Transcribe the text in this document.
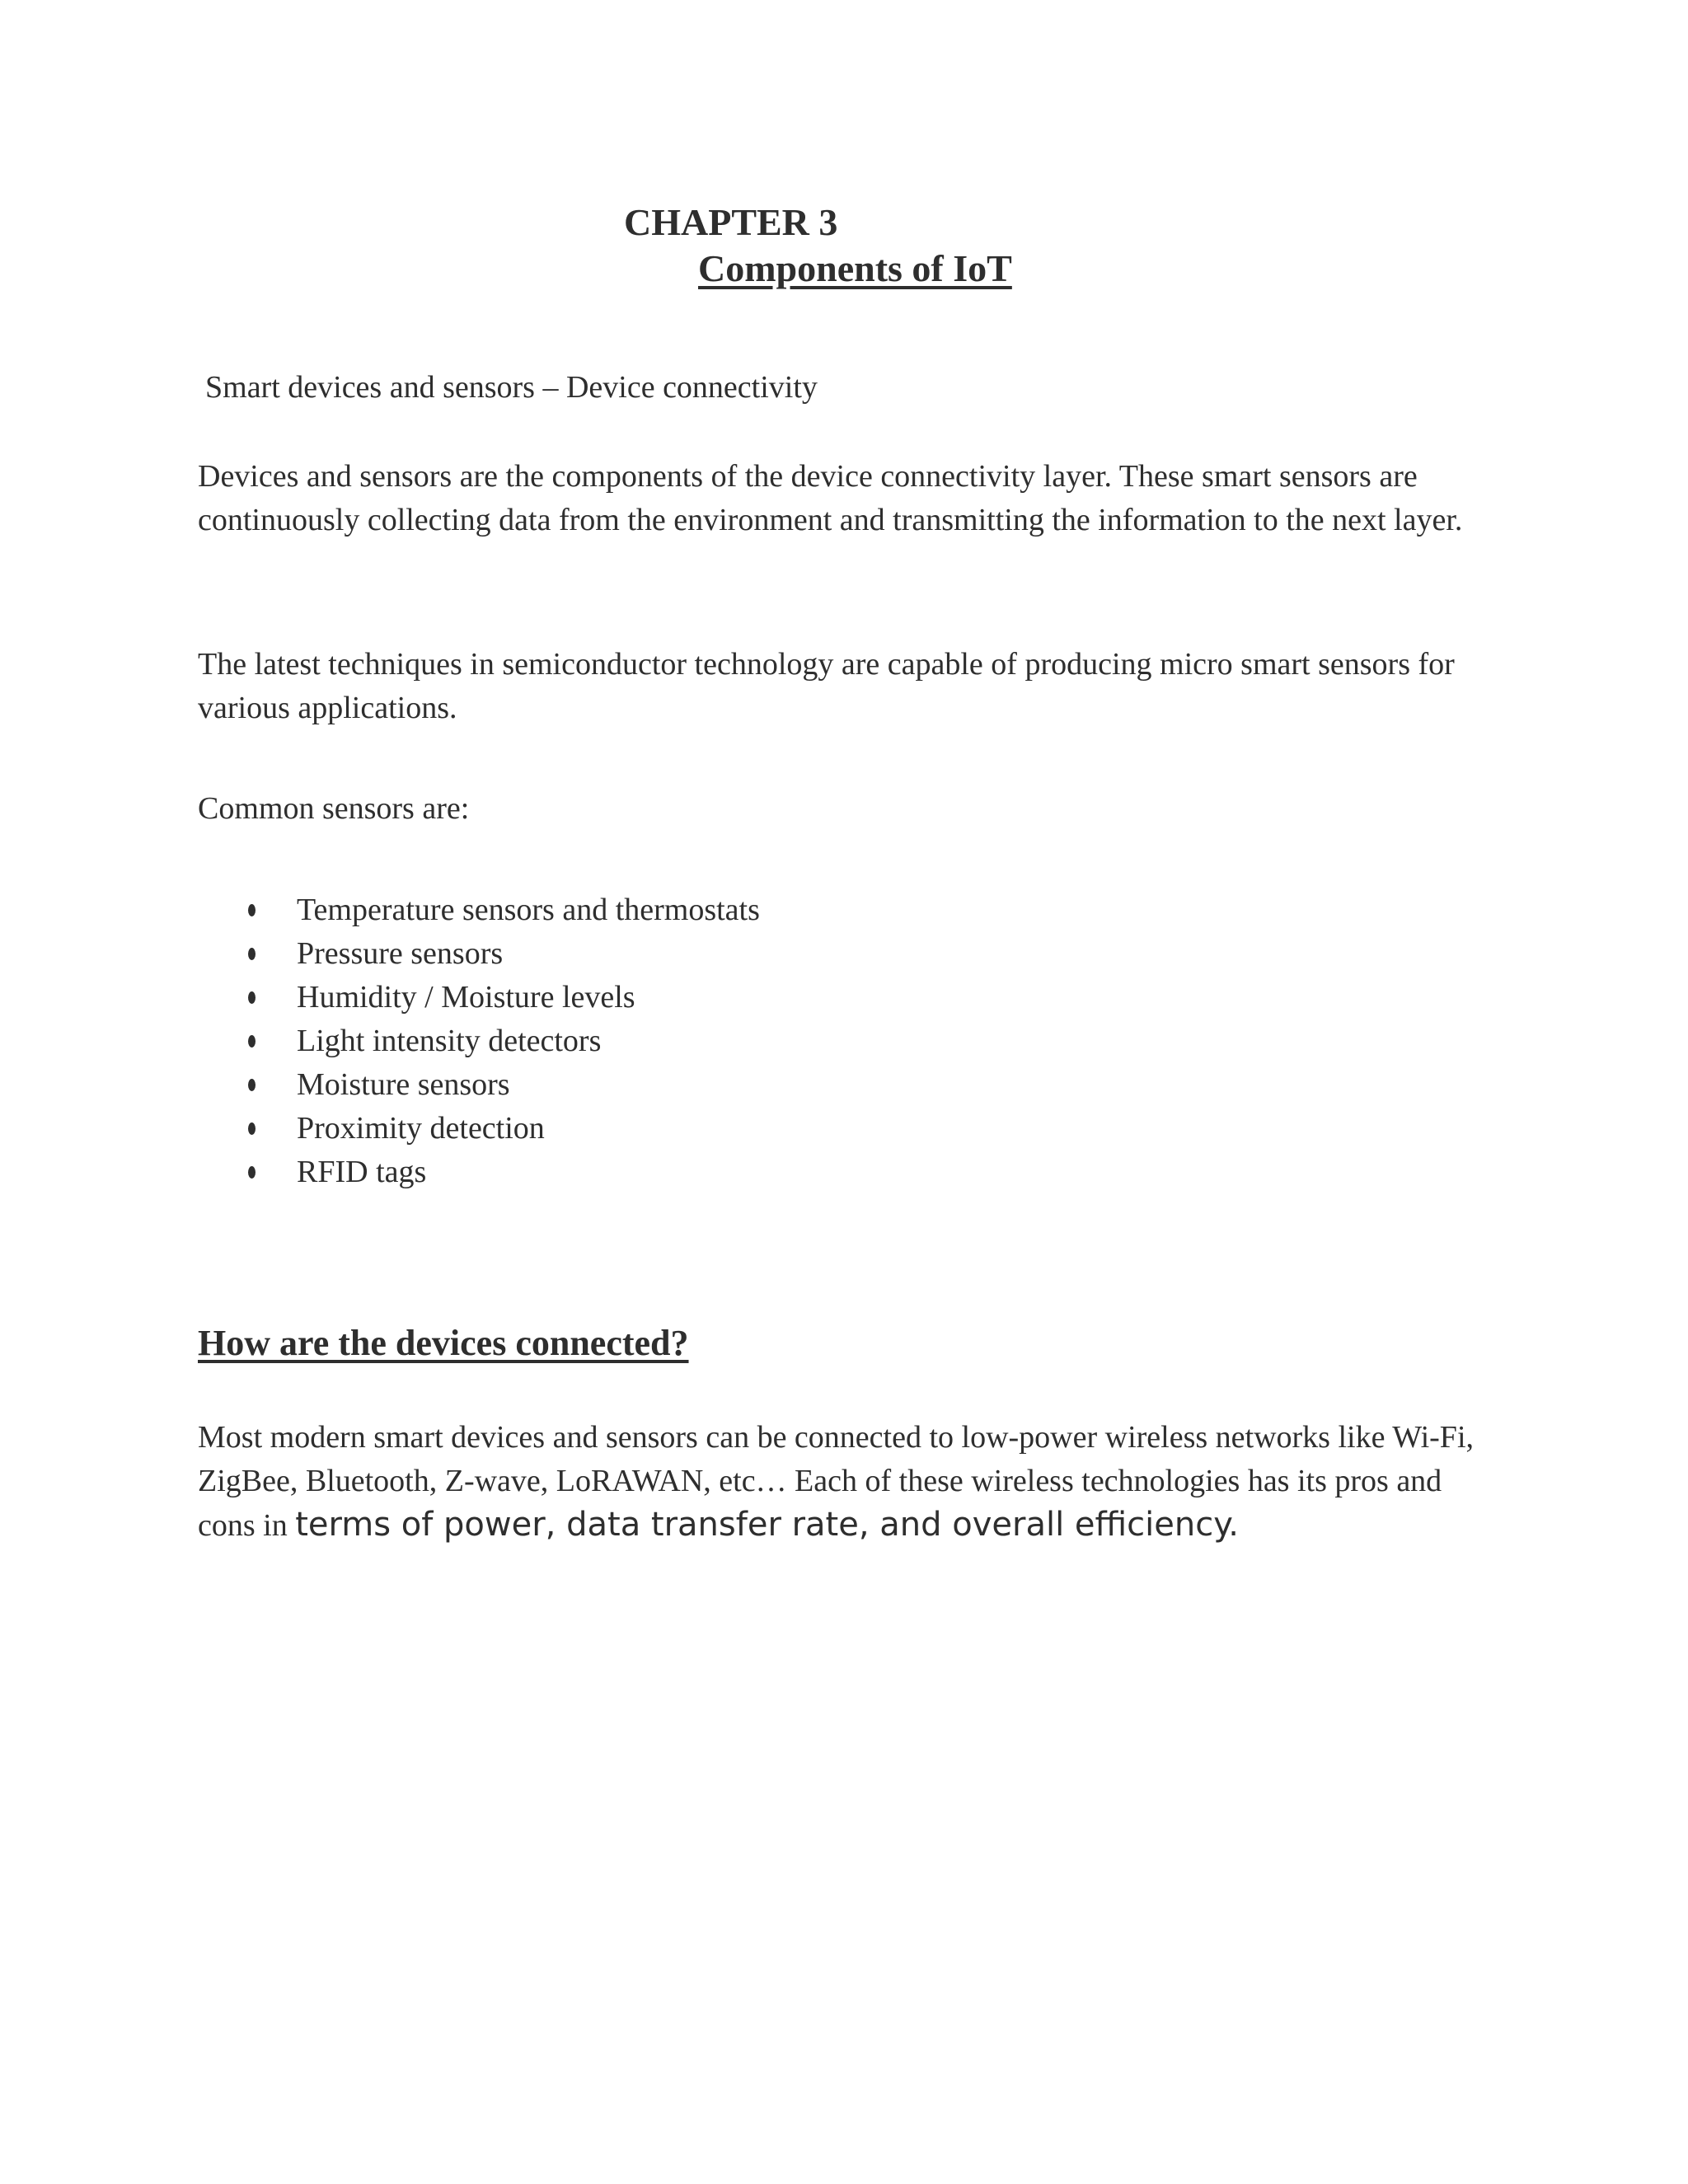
CHAPTER 3
Components of IoT
Smart devices and sensors – Device connectivity

Devices and sensors are the components of the device connectivity layer. These smart sensors are continuously collecting data from the environment and transmitting the information to the next layer.

The latest techniques in semiconductor technology are capable of producing micro smart sensors for various applications.

Common sensors are:

Temperature sensors and thermostats
Pressure sensors
Humidity / Moisture levels
Light intensity detectors
Moisture sensors
Proximity detection
RFID tags
How are the devices connected?

Most modern smart devices and sensors can be connected to low-power wireless networks like Wi-Fi, ZigBee, Bluetooth, Z-wave, LoRAWAN, etc… Each of these wireless technologies has its pros and cons in terms of power, data transfer rate, and overall efficiency.
